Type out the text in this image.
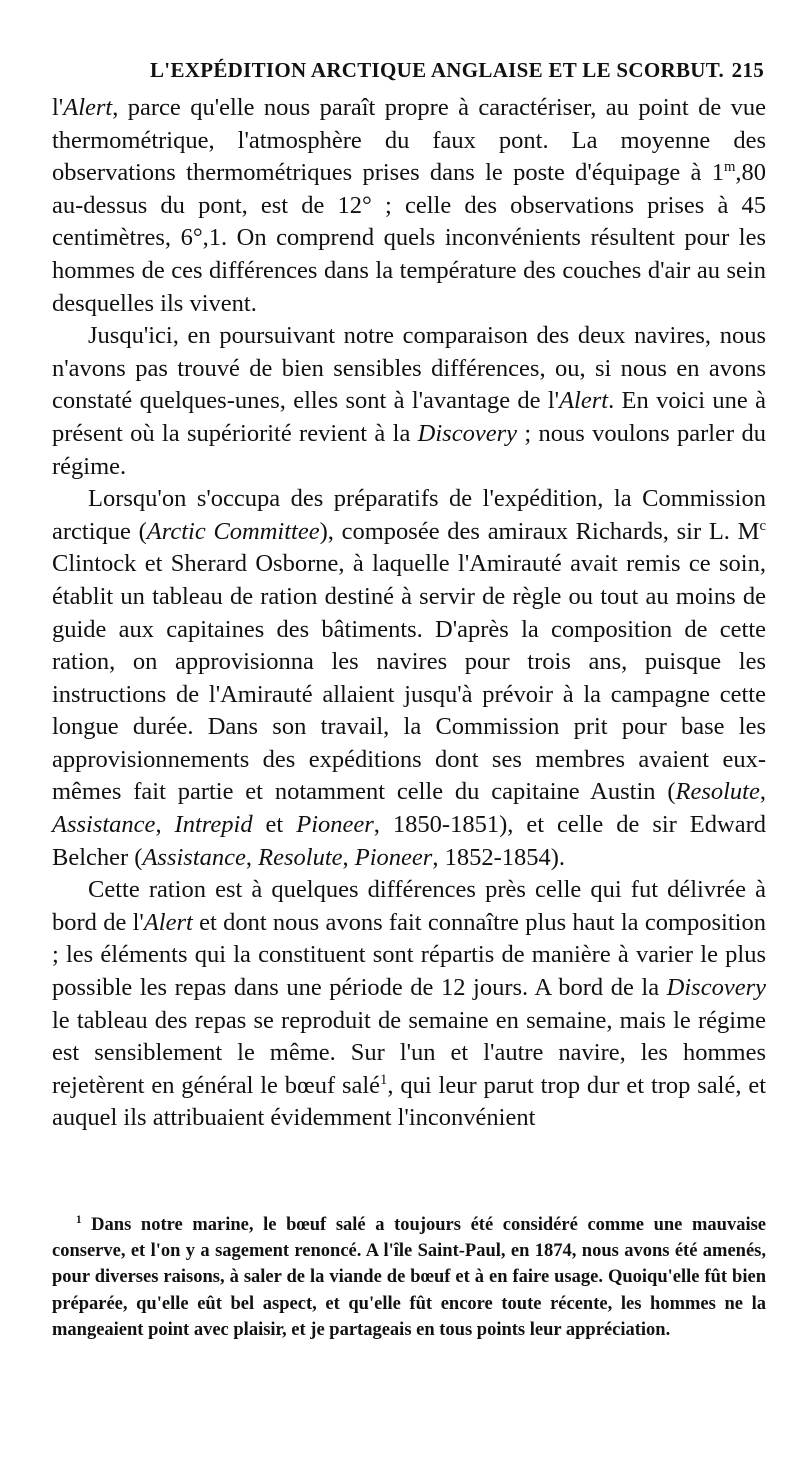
L'EXPÉDITION ARCTIQUE ANGLAISE ET LE SCORBUT. 215

l'Alert, parce qu'elle nous paraît propre à caractériser, au point de vue thermométrique, l'atmosphère du faux pont. La moyenne des observations thermométriques prises dans le poste d'équipage à 1$^m$,80 au-dessus du pont, est de 12° ; celle des observations prises à 45 centimètres, 6°,1. On comprend quels inconvénients résultent pour les hommes de ces différences dans la température des couches d'air au sein desquelles ils vivent.

Jusqu'ici, en poursuivant notre comparaison des deux navires, nous n'avons pas trouvé de bien sensibles différences, ou, si nous en avons constaté quelques-unes, elles sont à l'avantage de l'Alert. En voici une à présent où la supériorité revient à la Discovery ; nous voulons parler du régime.

Lorsqu'on s'occupa des préparatifs de l'expédition, la Commission arctique (Arctic Committee), composée des amiraux Richards, sir L. $M^c$ Clintock et Sherard Osborne, à laquelle l'Amirauté avait remis ce soin, établit un tableau de ration destiné à servir de règle ou tout au moins de guide aux capitaines des bâtiments. D'après la composition de cette ration, on approvisionna les navires pour trois ans, puisque les instructions de l'Amirauté allaient jusqu'à prévoir à la campagne cette longue durée. Dans son travail, la Commission prit pour base les approvisionnements des expéditions dont ses membres avaient eux-mêmes fait partie et notamment celle du capitaine Austin (Resolute, Assistance, Intrepid et Pioneer, 1850-1851), et celle de sir Edward Belcher (Assistance, Resolute, Pioneer, 1852-1854).

Cette ration est à quelques différences près celle qui fut délivrée à bord de l'Alert et dont nous avons fait connaître plus haut la composition ; les éléments qui la constituent sont répartis de manière à varier le plus possible les repas dans une période de 12 jours. A bord de la Discovery le tableau des repas se reproduit de semaine en semaine, mais le régime est sensiblement le même. Sur l'un et l'autre navire, les hommes rejetèrent en général le bœuf salé$^1$, qui leur parut trop dur et trop salé, et auquel ils attribuaient évidemment l'inconvénient

$^1$ Dans notre marine, le bœuf salé a toujours été considéré comme une mauvaise conserve, et l'on y a sagement renoncé. A l'île Saint-Paul, en 1874, nous avons été amenés, pour diverses raisons, à saler de la viande de bœuf et à en faire usage. Quoiqu'elle fût bien préparée, qu'elle eût bel aspect, et qu'elle fût encore toute récente, les hommes ne la mangeaient point avec plaisir, et je partageais en tous points leur appréciation.
